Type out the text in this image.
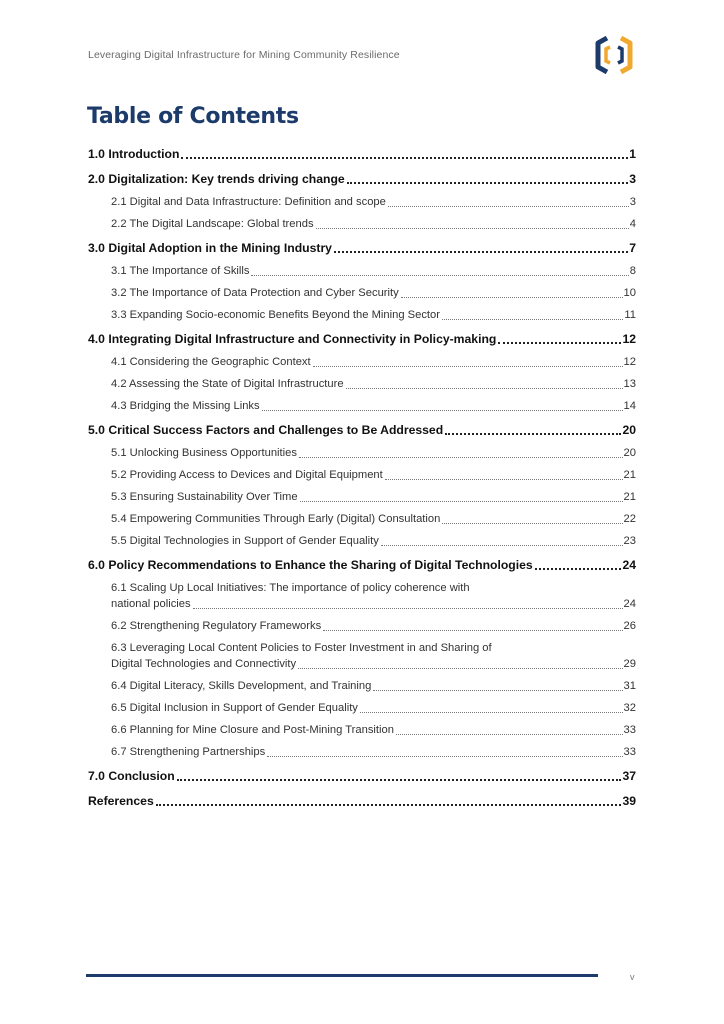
Leveraging Digital Infrastructure for Mining Community Resilience
Table of Contents
1.0 Introduction	1
2.0 Digitalization: Key trends driving change	3
2.1 Digital and Data Infrastructure: Definition and scope	3
2.2 The Digital Landscape: Global trends	4
3.0 Digital Adoption in the Mining Industry	7
3.1 The Importance of Skills	8
3.2 The Importance of Data Protection and Cyber Security	10
3.3 Expanding Socio-economic Benefits Beyond the Mining Sector	11
4.0 Integrating Digital Infrastructure and Connectivity in Policy-making	12
4.1 Considering the Geographic Context	12
4.2 Assessing the State of Digital Infrastructure	13
4.3 Bridging the Missing Links	14
5.0 Critical Success Factors and Challenges to Be Addressed	20
5.1 Unlocking Business Opportunities	20
5.2 Providing Access to Devices and Digital Equipment	21
5.3 Ensuring Sustainability Over Time	21
5.4 Empowering Communities Through Early (Digital) Consultation	22
5.5 Digital Technologies in Support of Gender Equality	23
6.0 Policy Recommendations to Enhance the Sharing of Digital Technologies	24
6.1 Scaling Up Local Initiatives: The importance of policy coherence with
national policies	24
6.2 Strengthening Regulatory Frameworks	26
6.3 Leveraging Local Content Policies to Foster Investment in and Sharing of
Digital Technologies and Connectivity	29
6.4 Digital Literacy, Skills Development, and Training	31
6.5 Digital Inclusion in Support of Gender Equality	32
6.6 Planning for Mine Closure and Post-Mining Transition	33
6.7 Strengthening Partnerships	33
7.0 Conclusion	37
References	39
v
